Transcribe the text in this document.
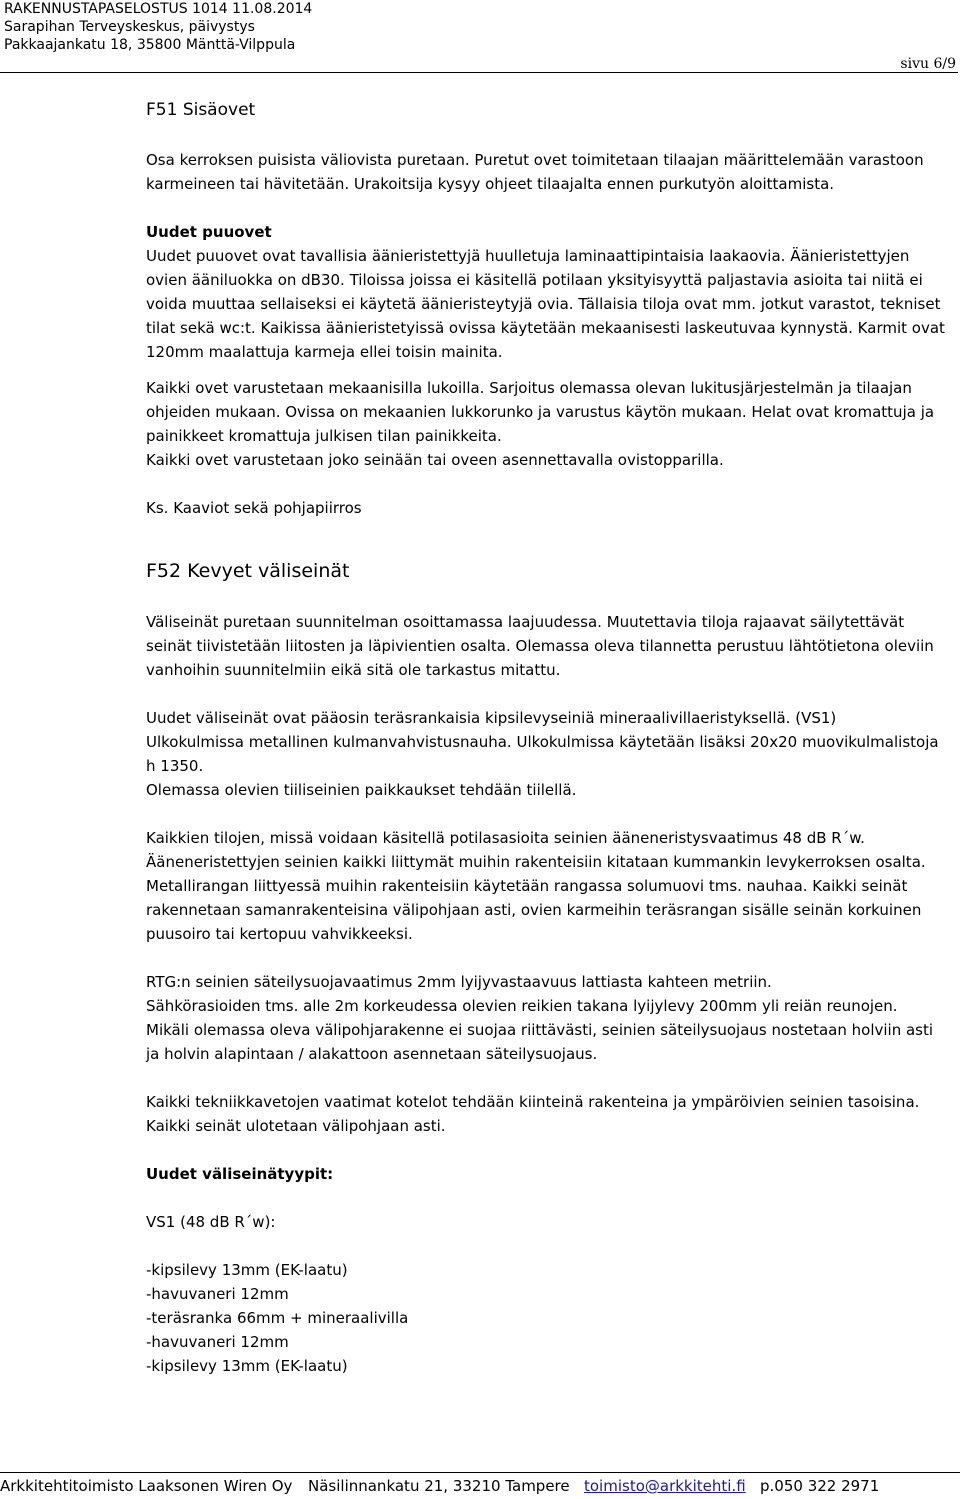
RAKENNUSTAPASELOSTUS 1014 11.08.2014
Sarapihan Terveyskeskus, päivystys
Pakkaajankatu 18, 35800 Mänttä-Vilppula
sivu 6/9

F51 Sisäovet

Osa kerroksen puisista väliovista puretaan. Puretut ovet toimitetaan tilaajan määrittelemään varastoon karmeineen tai hävitetään. Urakoitsija kysyy ohjeet tilaajalta ennen purkutyön aloittamista.

Uudet puuovet

Uudet puuovet ovat tavallisia äänieristettyjä huulletuja laminaattipintaisia laakaovia. Äänieristettyjen ovien ääniluokka on dB30. Tiloissa joissa ei käsitellä potilaan yksityisyyttä paljastavia asioita tai niitä ei voida muuttaa sellaiseksi ei käytetä äänieristeytyjä ovia. Tällaisia tiloja ovat mm. jotkut varastot, tekniset tilat sekä wc:t. Kaikissa äänieristetyissä ovissa käytetään mekaanisesti laskeutuvaa kynnystä. Karmit ovat 120mm maalattuja karmeja ellei toisin mainita.

Kaikki ovet varustetaan mekaanisilla lukoilla. Sarjoitus olemassa olevan lukitusjärjestelmän ja tilaajan ohjeiden mukaan. Ovissa on mekaanien lukkorunko ja varustus käytön mukaan. Helat ovat kromattuja ja painikkeet kromattuja julkisen tilan painikkeita.

Kaikki ovet varustetaan joko seinään tai oveen asennettavalla ovistopparilla.

Ks. Kaaviot sekä pohjapiirros

F52 Kevyet väliseinät

Väliseinät puretaan suunnitelman osoittamassa laajuudessa. Muutettavia tiloja rajaavat säilytettävät seinät tiivistetään liitosten ja läpivientien osalta. Olemassa oleva tilannetta perustuu lähtötietona oleviin vanhoihin suunnitelmiin eikä sitä ole tarkastus mitattu.

Uudet väliseinät ovat pääosin teräsrankaisia kipsilevyseiniä mineraalivillaeristyksellä. (VS1)

Ulkokulmissa metallinen kulmanvahvistusnauha. Ulkokulmissa käytetään lisäksi 20x20 muovikulmalistoja h 1350.

Olemassa olevien tiiliseinien paikkaukset tehdään tiilellä.

Kaikkien tilojen, missä voidaan käsitellä potilasasioita seinien ääneneristysvaatimus 48 dB R´w. Ääneneristettyjen seinien kaikki liittymät muihin rakenteisiin kitataan kummankin levykerroksen osalta. Metallirangan liittyessä muihin rakenteisiin käytetään rangassa solumuovi tms. nauhaa. Kaikki seinät rakennetaan samanrakenteisina välipohjaan asti, ovien karmeihin teräsrangan sisälle seinän korkuinen puusoiro tai kertopuu vahvikkeeksi.

RTG:n seinien säteilysuojavaatimus 2mm lyijyvastaavuus lattiasta kahteen metriin.

Sähkörasioiden tms. alle 2m korkeudessa olevien reikien takana lyijylevy 200mm yli reiän reunojen.

Mikäli olemassa oleva välipohjarakenne ei suojaa riittävästi, seinien säteilysuojaus nostetaan holviin asti ja holvin alapintaan / alakattoon asennetaan säteilysuojaus.

Kaikki tekniikkavetojen vaatimat kotelot tehdään kiinteinä rakenteina ja ympäröivien seinien tasoisina. Kaikki seinät ulotetaan välipohjaan asti.

Uudet väliseinätyypit:

VS1 (48 dB R´w):

-kipsilevy 13mm (EK-laatu)

-havuvaneri 12mm

-teräsranka 66mm + mineraalivilla

-havuvaneri 12mm

-kipsilevy 13mm (EK-laatu)

Arkkitehtitoimisto Laaksonen Wiren Oy Näsilinnankatu 21, 33210 Tampere toimisto@arkkitehti.fi p.050 322 2971
